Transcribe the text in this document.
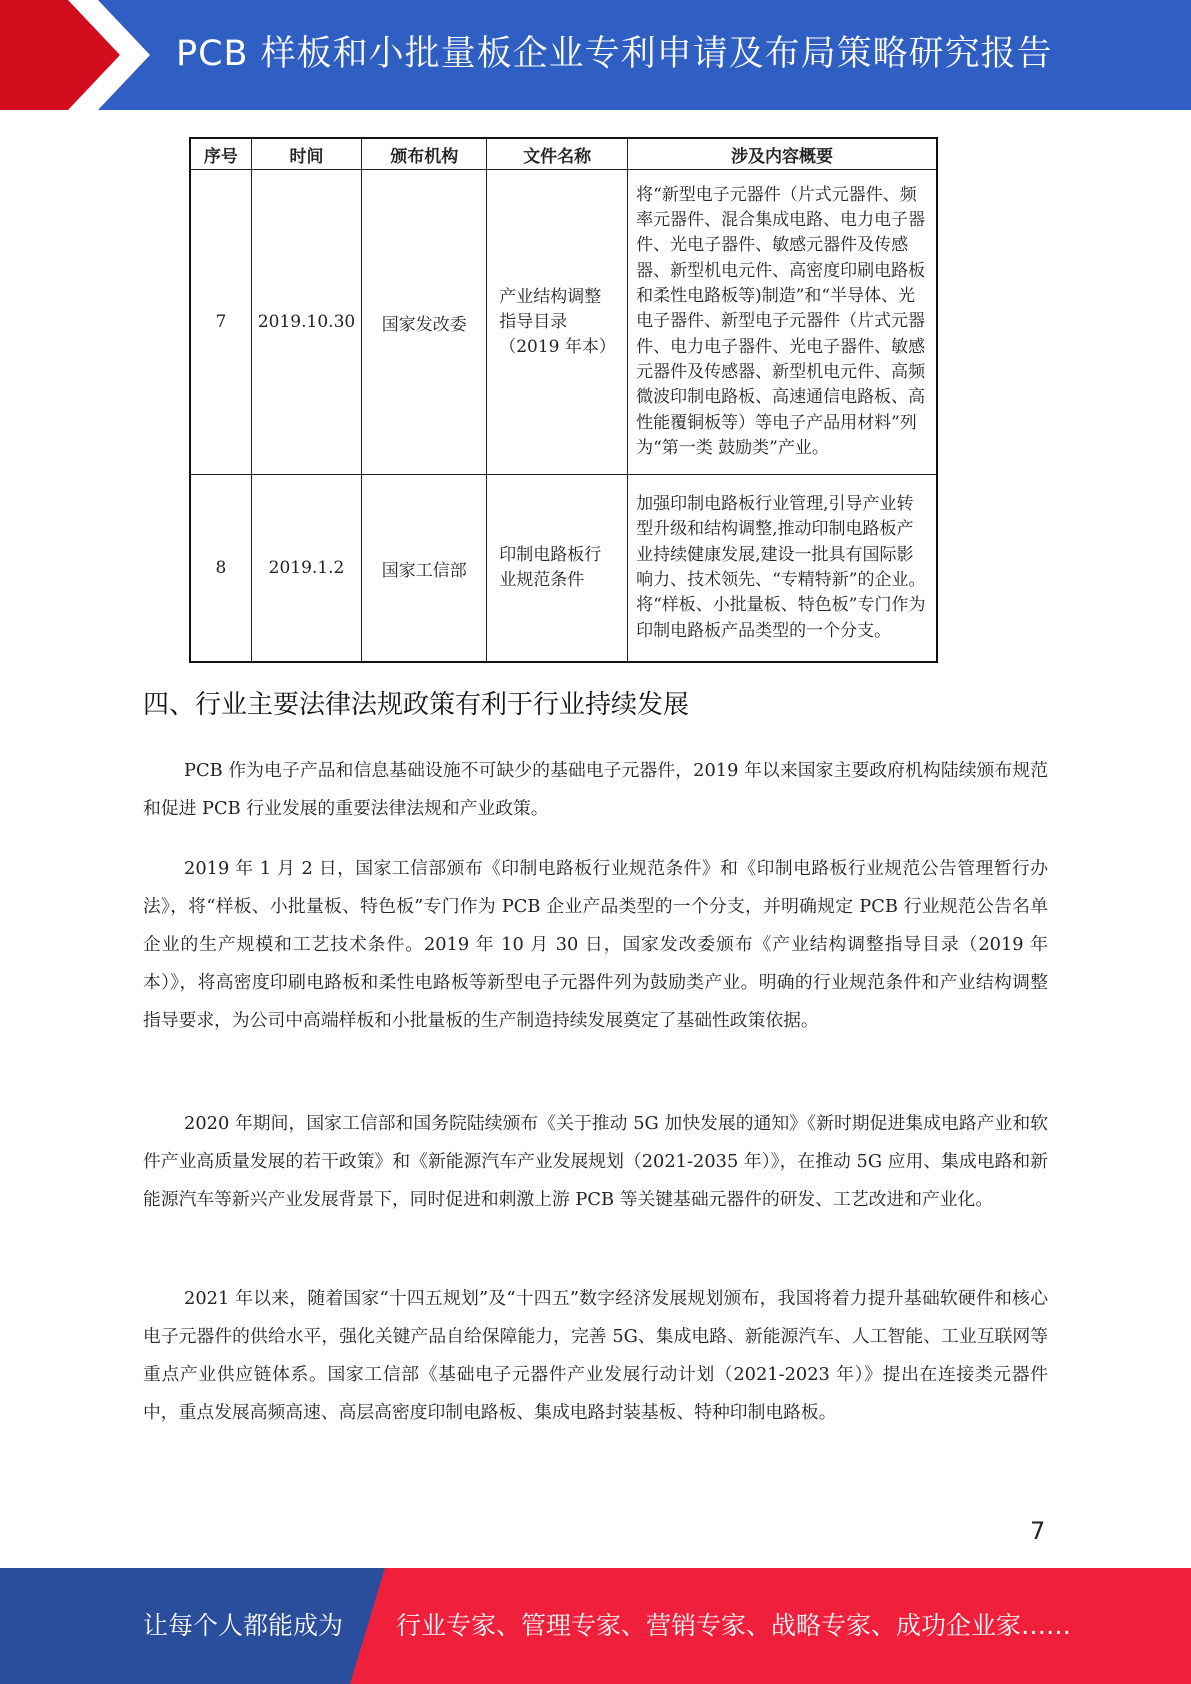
PCB 样板和小批量板企业专利申请及布局策略研究报告
序号	时间	颁布机构	文件名称	涉及内容概要
7	2019.10.30	国家发改委	产业结构调整指导目录（2019 年本）	将“新型电子元器件（片式元器件、频率元器件、混合集成电路、电力电子器件、光电子器件、敏感元器件及传感器、新型机电元件、高密度印刷电路板和柔性电路板等)制造”和“半导体、光电子器件、新型电子元器件（片式元器件、电力电子器件、光电子器件、敏感元器件及传感器、新型机电元件、高频微波印制电路板、高速通信电路板、高性能覆铜板等）等电子产品用材料”列为“第一类 鼓励类”产业。
8	2019.1.2	国家工信部	印制电路板行业规范条件	加强印制电路板行业管理,引导产业转型升级和结构调整,推动印制电路板产业持续健康发展,建设一批具有国际影响力、技术领先、“专精特新”的企业。将“样板、小批量板、特色板”专门作为印制电路板产品类型的一个分支。
四、行业主要法律法规政策有利于行业持续发展

PCB 作为电子产品和信息基础设施不可缺少的基础电子元器件，2019 年以来国家主要政府机构陆续颁布规范和促进 PCB 行业发展的重要法律法规和产业政策。

2019 年 1 月 2 日，国家工信部颁布《印制电路板行业规范条件》和《印制电路板行业规范公告管理暂行办法》，将“样板、小批量板、特色板”专门作为 PCB 企业产品类型的一个分支，并明确规定 PCB 行业规范公告名单企业的生产规模和工艺技术条件。2019 年 10 月 30 日，国家发改委颁布《产业结构调整指导目录（2019 年本）》，将高密度印刷电路板和柔性电路板等新型电子元器件列为鼓励类产业。明确的行业规范条件和产业结构调整指导要求，为公司中高端样板和小批量板的生产制造持续发展奠定了基础性政策依据。

2020 年期间，国家工信部和国务院陆续颁布《关于推动 5G 加快发展的通知》《新时期促进集成电路产业和软件产业高质量发展的若干政策》和《新能源汽车产业发展规划（2021-2035 年）》，在推动 5G 应用、集成电路和新能源汽车等新兴产业发展背景下，同时促进和刺激上游 PCB 等关键基础元器件的研发、工艺改进和产业化。

2021 年以来，随着国家“十四五规划”及“十四五”数字经济发展规划颁布，我国将着力提升基础软硬件和核心电子元器件的供给水平，强化关键产品自给保障能力，完善 5G、集成电路、新能源汽车、人工智能、工业互联网等重点产业供应链体系。国家工信部《基础电子元器件产业发展行动计划（2021-2023 年）》提出在连接类元器件中，重点发展高频高速、高层高密度印制电路板、集成电路封装基板、特种印制电路板。

7
让每个人都能成为 行业专家、管理专家、营销专家、战略专家、成功企业家……
